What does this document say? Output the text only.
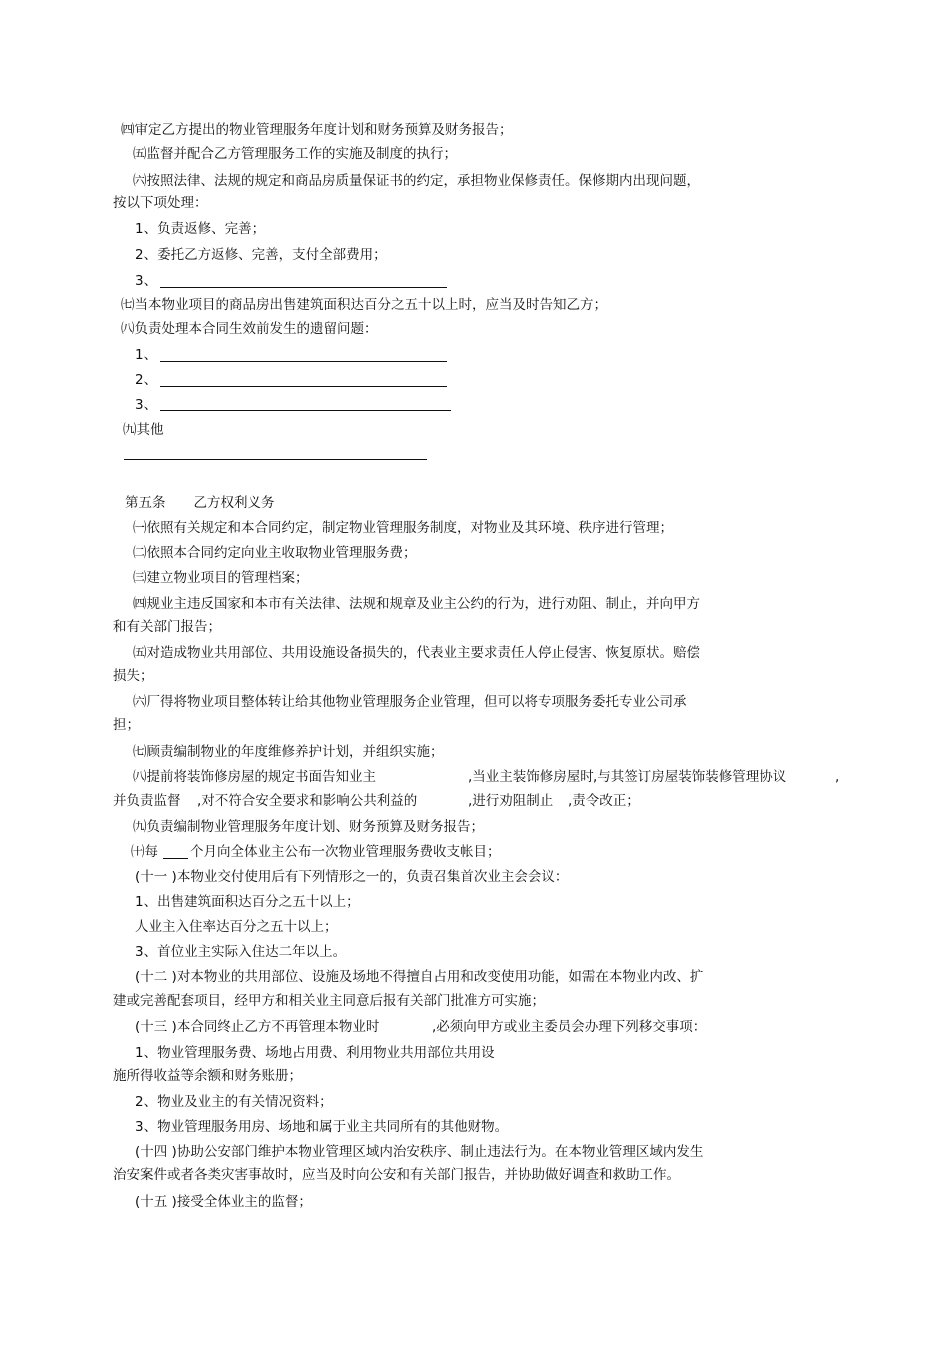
㈣审定乙方提出的物业管理服务年度计划和财务预算及财务报告；
㈤监督并配合乙方管理服务工作的实施及制度的执行；
㈥按照法律、法规的规定和商品房质量保证书的约定，承担物业保修责任。保修期内出现问题，
按以下项处理：
1、负责返修、完善；
2、委托乙方返修、完善，支付全部费用；
3、
㈦当本物业项目的商品房出售建筑面积达百分之五十以上时，应当及时告知乙方；
㈧负责处理本合同生效前发生的遗留问题：
1、
2、
3、
㈨其他
第五条 乙方权利义务
㈠依照有关规定和本合同约定，制定物业管理服务制度，对物业及其环境、秩序进行管理；
㈡依照本合同约定向业主收取物业管理服务费；
㈢建立物业项目的管理档案；
㈣规业主违反国家和本市有关法律、法规和规章及业主公约的行为，进行劝阻、制止，并向甲方
和有关部门报告；
㈤对造成物业共用部位、共用设施设备损失的，代表业主要求责任人停止侵害、恢复原状。赔偿
损失；
㈥厂得将物业项目整体转让给其他物业管理服务企业管理，但可以将专项服务委托专业公司承
担；
㈦顾责编制物业的年度维修养护计划，并组织实施；
㈧提前将装饰修房屋的规定书面告知业主	,当业主装饰修房屋时 ,与其签订房屋装饰装修管理协议	,
并负责监督 ,对不符合安全要求和影响公共利益的	,进行劝阻制止 ,责令改正；
㈨负责编制物业管理服务年度计划、财务预算及财务报告；
㈩每 个月向全体业主公布一次物业管理服务费收支帐目；
(十一 )本物业交付使用后有下列情形之一的，负责召集首次业主会会议：
1、出售建筑面积达百分之五十以上；
人业主入住率达百分之五十以上；
3、首位业主实际入住达二年以上。
(十二 )对本物业的共用部位、设施及场地不得擅自占用和改变使用功能，如需在本物业内改、扩
建或完善配套项目，经甲方和相关业主同意后报有关部门批准方可实施；
(十三 )本合同终止乙方不再管理本物业时	,必须向甲方或业主委员会办理下列移交事项：
1、物业管理服务费、场地占用费、利用物业共用部位共用设
施所得收益等余额和财务账册；
2、物业及业主的有关情况资料；
3、物业管理服务用房、场地和属于业主共同所有的其他财物。
(十四 )协助公安部门维护本物业管理区域内治安秩序、制止违法行为。在本物业管理区域内发生
治安案件或者各类灾害事故时，应当及时向公安和有关部门报告，并协助做好调查和救助工作。
(十五 )接受全体业主的监督；
